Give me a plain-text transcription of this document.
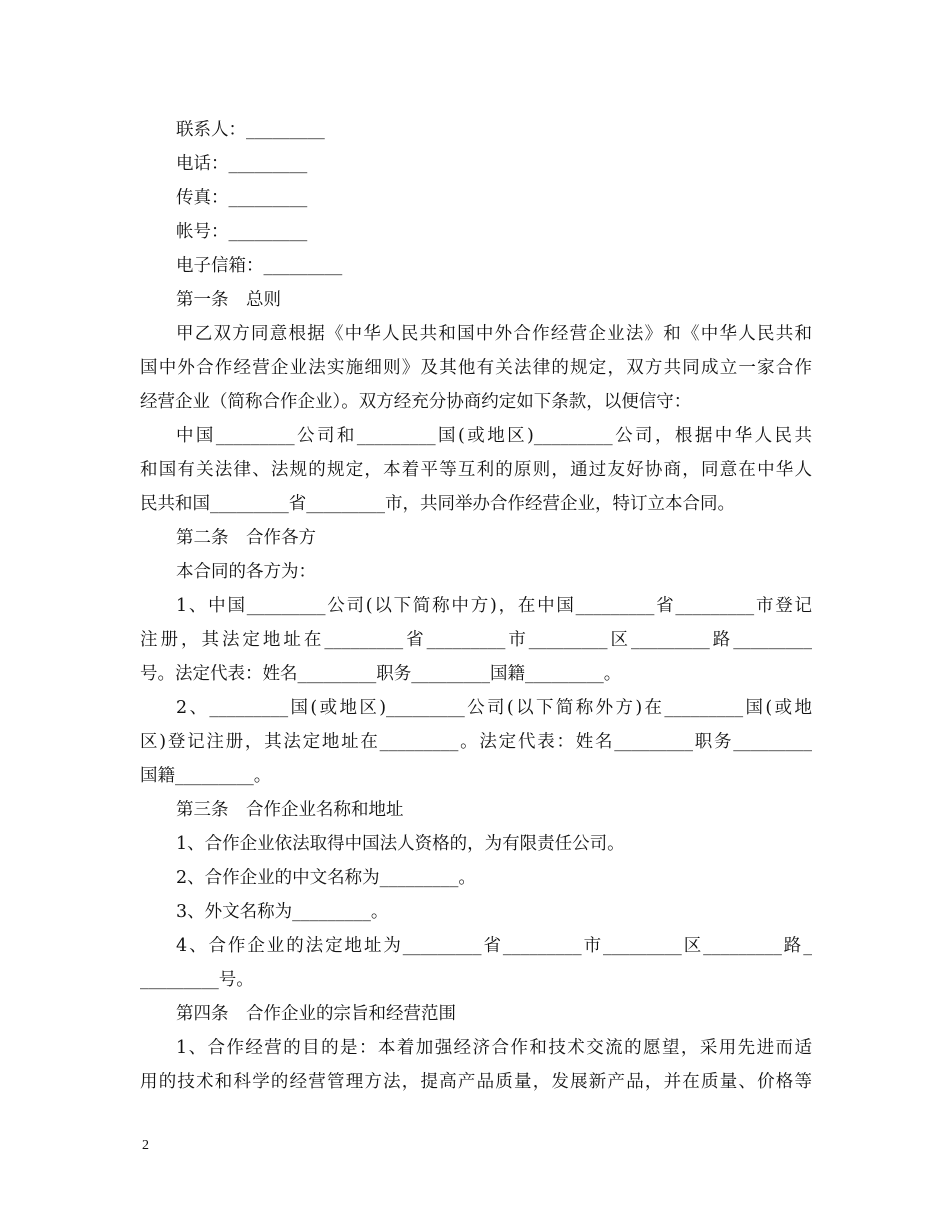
联系人：_________
电话：_________
传真：_________
帐号：_________
电子信箱：_________
第一条　总则
甲乙双方同意根据《中华人民共和国中外合作经营企业法》和《中华人民共和
国中外合作经营企业法实施细则》及其他有关法律的规定，双方共同成立一家合作
经营企业（简称合作企业）。双方经充分协商约定如下条款，以便信守：
中国_________公司和_________国(或地区)_________公司，根据中华人民共
和国有关法律、法规的规定，本着平等互利的原则，通过友好协商，同意在中华人
民共和国_________省_________市，共同举办合作经营企业，特订立本合同。
第二条　合作各方
本合同的各方为：
1、中国_________公司(以下简称中方)，在中国_________省_________市登记
注册，其法定地址在_________省_________市_________区_________路_________
号。法定代表：姓名_________职务_________国籍_________。
2、_________国(或地区)_________公司(以下简称外方)在_________国(或地
区)登记注册，其法定地址在_________。法定代表：姓名_________职务_________
国籍_________。
第三条　合作企业名称和地址
1、合作企业依法取得中国法人资格的，为有限责任公司。
2、合作企业的中文名称为_________。
3、外文名称为_________。
4、合作企业的法定地址为_________省_________市_________区_________路_
_________号。
第四条　合作企业的宗旨和经营范围
1、合作经营的目的是：本着加强经济合作和技术交流的愿望，采用先进而适
用的技术和科学的经营管理方法，提高产品质量，发展新产品，并在质量、价格等
2
